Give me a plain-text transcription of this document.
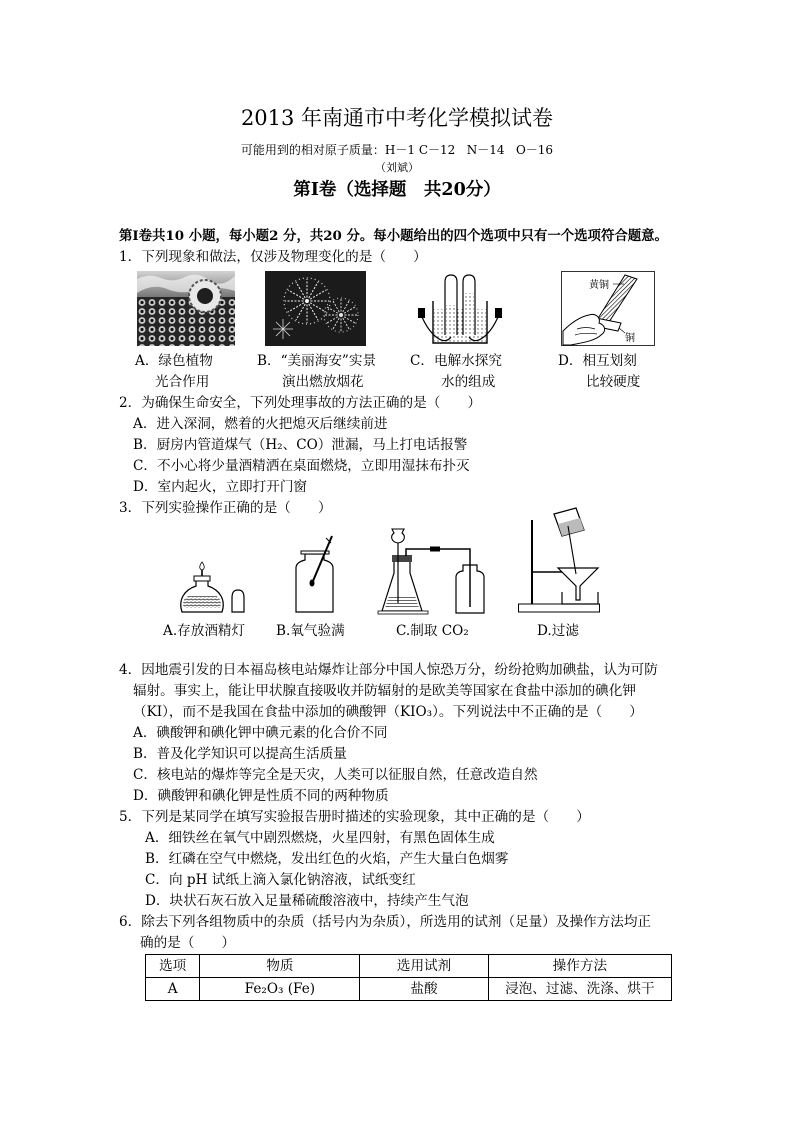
2013 年南通市中考化学模拟试卷
可能用到的相对原子质量：H－1 C－12   N－14   O－16
（刘斌）
第Ⅰ卷（选择题　共20分）
第Ⅰ卷共10 小题，每小题2 分，共20 分。每小题给出的四个选项中只有一个选项符合题意。
1．下列现象和做法，仅涉及物理变化的是（　　）
黄铜
铜
A．绿色植物
光合作用
B．“美丽海安”实景
演出燃放烟花
C．电解水探究
水的组成
D．相互划刻
比较硬度
2．为确保生命安全，下列处理事故的方法正确的是（　　）
A．进入深洞，燃着的火把熄灭后继续前进
B．厨房内管道煤气（H₂、CO）泄漏，马上打电话报警
C．不小心将少量酒精洒在桌面燃烧，立即用湿抹布扑灭
D．室内起火，立即打开门窗
3．下列实验操作正确的是（　　）
A.存放酒精灯 B.氧气验满	C.制取 CO₂	D.过滤
4．因地震引发的日本福岛核电站爆炸让部分中国人惊恐万分，纷纷抢购加碘盐，认为可防
辐射。事实上，能让甲状腺直接吸收并防辐射的是欧美等国家在食盐中添加的碘化钾
（KI），而不是我国在食盐中添加的碘酸钾（KIO₃）。下列说法中不正确的是（　　）
A．碘酸钾和碘化钾中碘元素的化合价不同
B．普及化学知识可以提高生活质量
C．核电站的爆炸等完全是天灾，人类可以征服自然，任意改造自然
D．碘酸钾和碘化钾是性质不同的两种物质
5．下列是某同学在填写实验报告册时描述的实验现象，其中正确的是（　　）
A．细铁丝在氧气中剧烈燃烧，火星四射，有黑色固体生成
B．红磷在空气中燃烧，发出红色的火焰，产生大量白色烟雾
C．向 pH 试纸上滴入氯化钠溶液，试纸变红
D．块状石灰石放入足量稀硫酸溶液中，持续产生气泡
6．除去下列各组物质中的杂质（括号内为杂质），所选用的试剂（足量）及操作方法均正
确的是（　　）
选项	物质	选用试剂	操作方法
A	Fe₂O₃ (Fe)	盐酸	浸泡、过滤、洗涤、烘干
